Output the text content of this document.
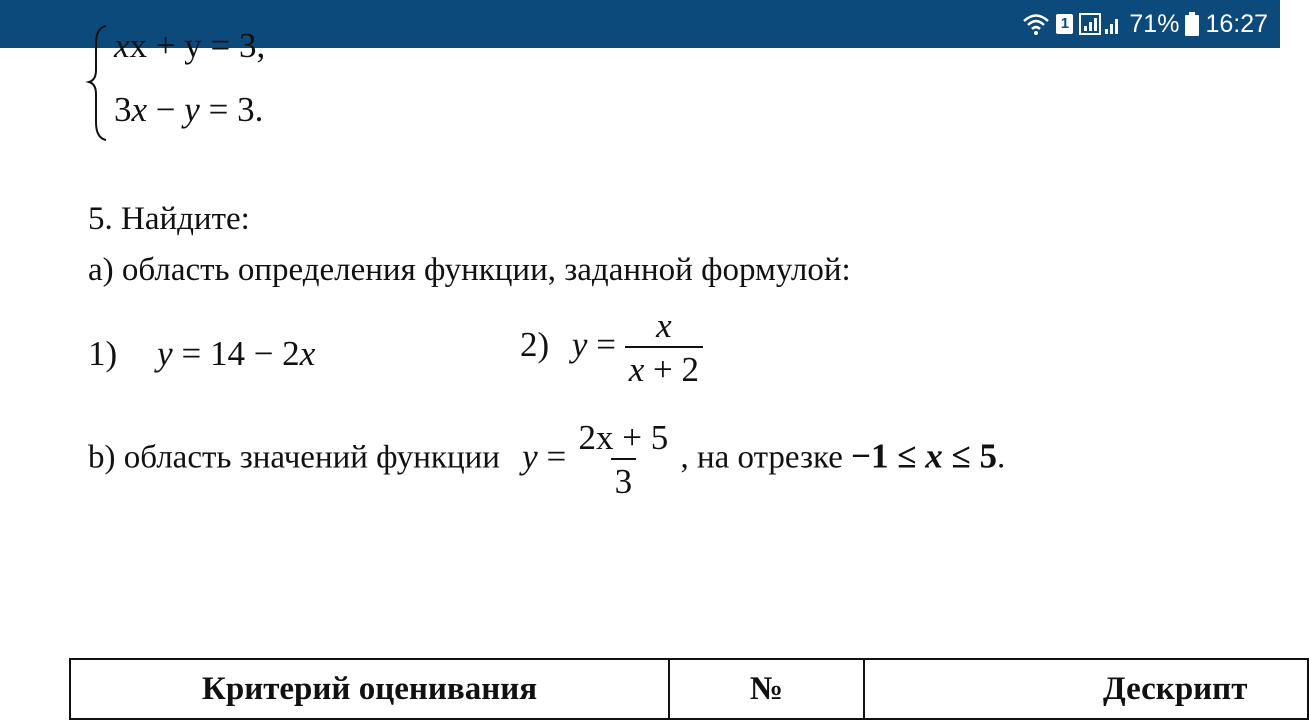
1 71% 16:27
xx + y = 3,
3x − y = 3.
5. Найдите:
a) область определения функции, заданной формулой:
1) y = 14 − 2x	2) $y = \frac{x}{x + 2}$
b) область значений функции $y = \frac{2x + 5}{3}$ , на отрезке −1 ≤ x ≤ 5.
Критерий оценивания	№	Дескрипт
